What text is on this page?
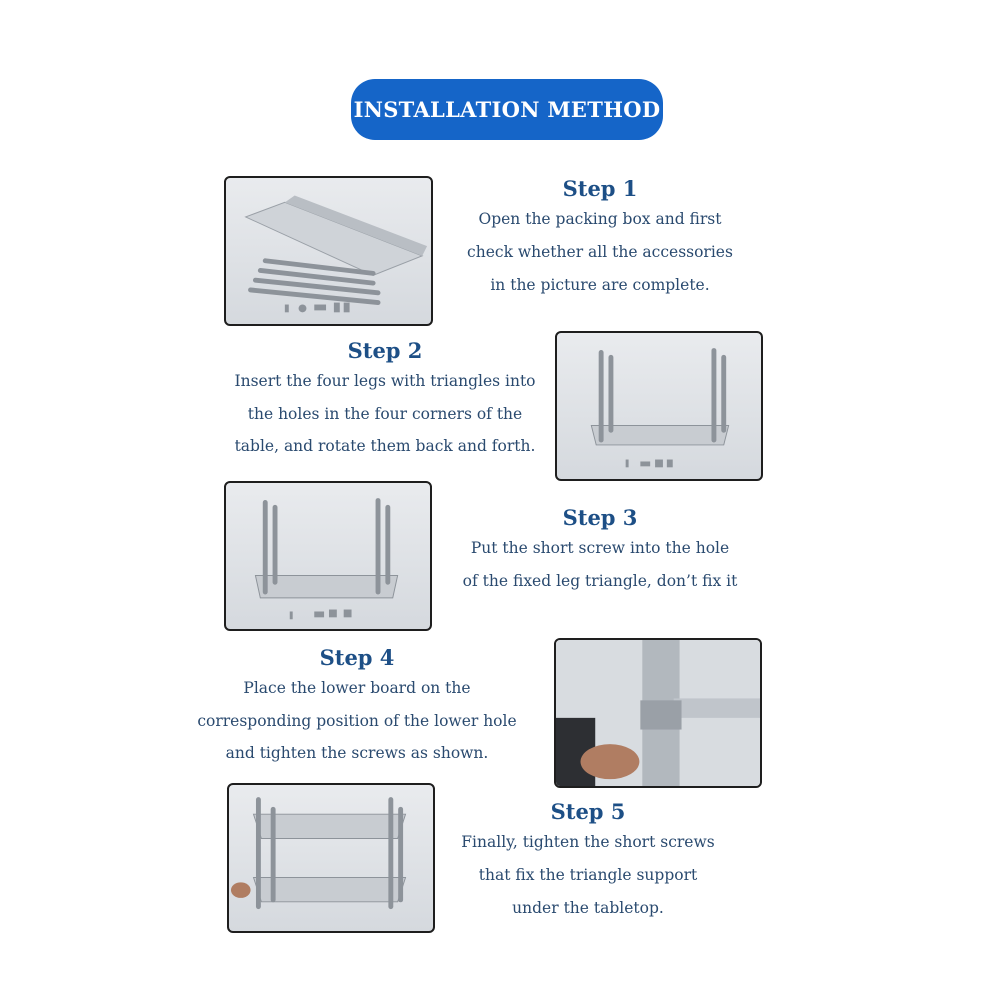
INSTALLATION METHOD
Step 1
Open the packing box and first
check whether all the accessories
in the picture are complete.
Step 2
Insert the four legs with triangles into
the holes in the four corners of the
table, and rotate them back and forth.
Step 3
Put the short screw into the hole
of the fixed leg triangle, don’t fix it
Step 4
Place the lower board on the
corresponding position of the lower hole
and tighten the screws as shown.
Step 5
Finally, tighten the short screws
that fix the triangle support
under the tabletop.
